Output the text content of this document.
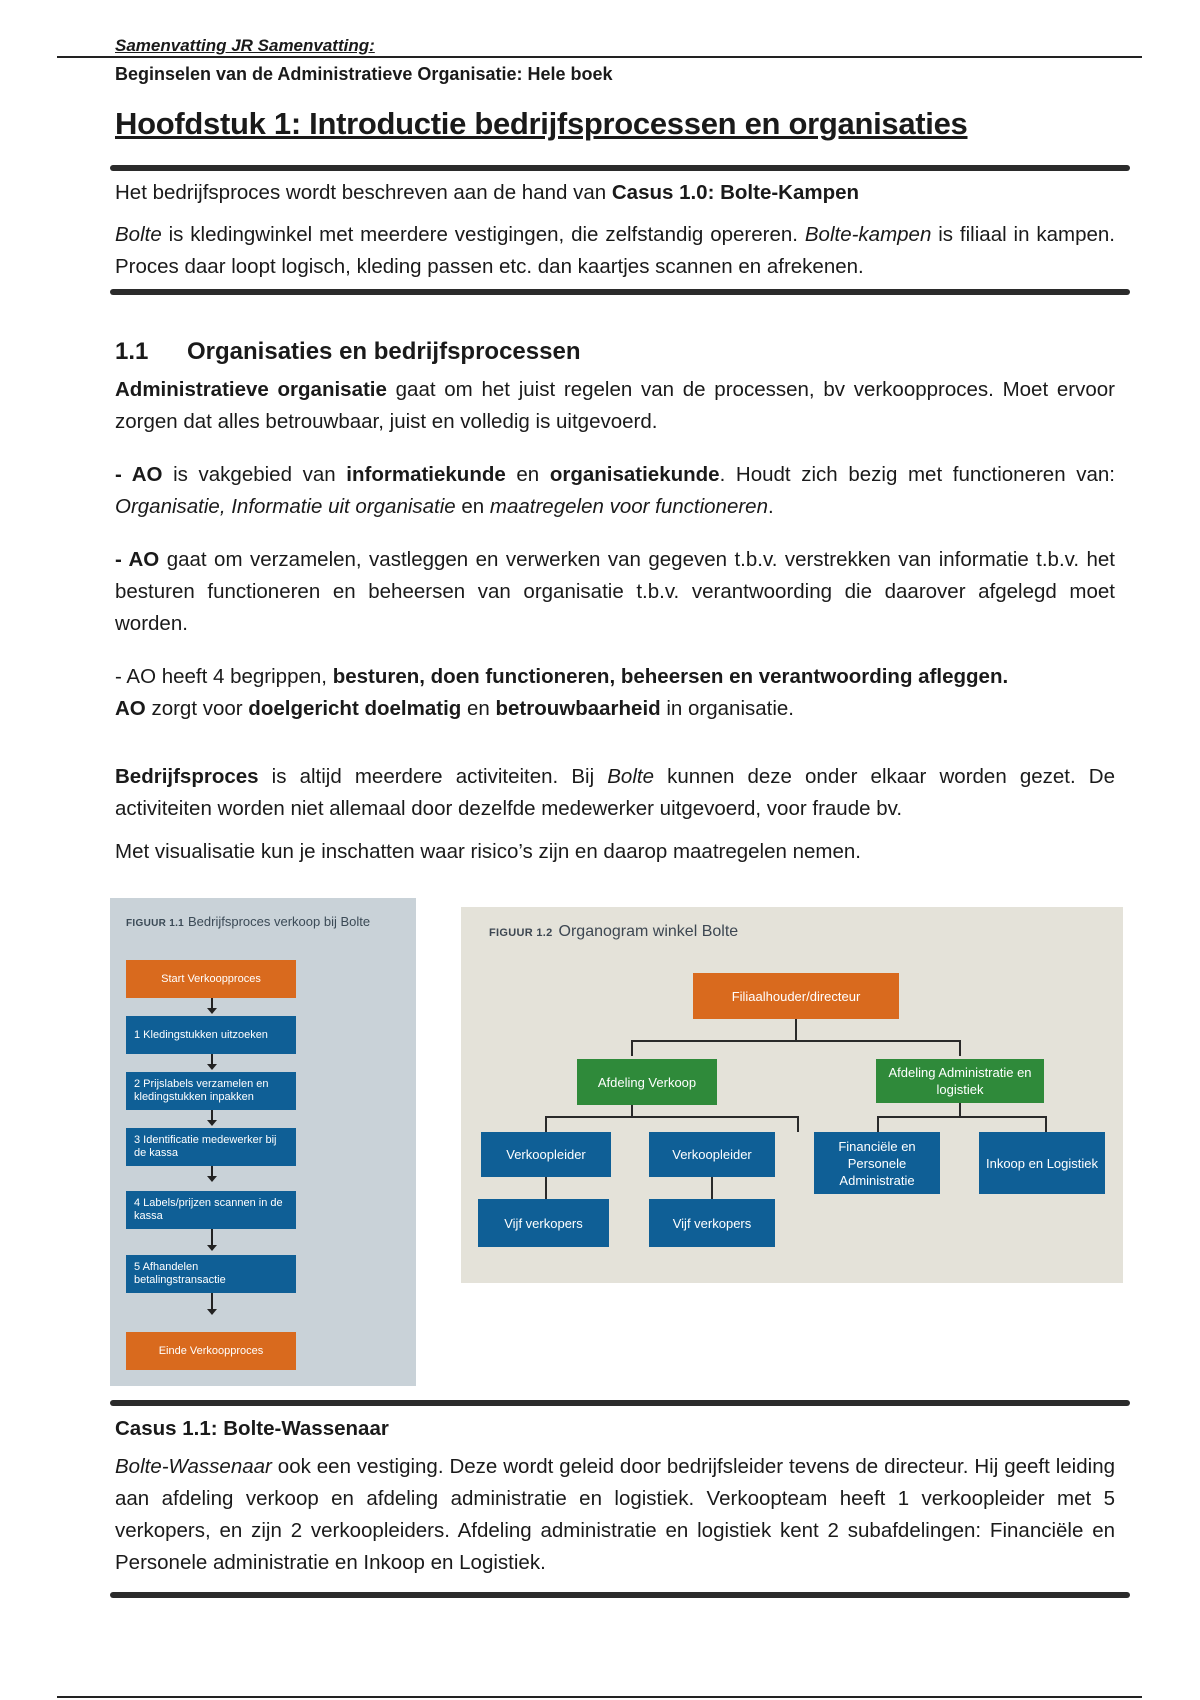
Samenvatting JR Samenvatting:
Beginselen van de Administratieve Organisatie: Hele boek
Hoofdstuk 1: Introductie bedrijfsprocessen en organisaties
Het bedrijfsproces wordt beschreven aan de hand van Casus 1.0: Bolte-Kampen
Bolte is kledingwinkel met meerdere vestigingen, die zelfstandig opereren. Bolte-kampen is filiaal in kampen. Proces daar loopt logisch, kleding passen etc. dan kaartjes scannen en afrekenen.
1.1 Organisaties en bedrijfsprocessen
Administratieve organisatie gaat om het juist regelen van de processen, bv verkoopproces. Moet ervoor zorgen dat alles betrouwbaar, juist en volledig is uitgevoerd.
- AO is vakgebied van informatiekunde en organisatiekunde. Houdt zich bezig met functioneren van: Organisatie, Informatie uit organisatie en maatregelen voor functioneren.
- AO gaat om verzamelen, vastleggen en verwerken van gegeven t.b.v. verstrekken van informatie t.b.v. het besturen functioneren en beheersen van organisatie t.b.v. verantwoording die daarover afgelegd moet worden.
- AO heeft 4 begrippen, besturen, doen functioneren, beheersen en verantwoording afleggen.
AO zorgt voor doelgericht doelmatig en betrouwbaarheid in organisatie.
Bedrijfsproces is altijd meerdere activiteiten. Bij Bolte kunnen deze onder elkaar worden gezet. De activiteiten worden niet allemaal door dezelfde medewerker uitgevoerd, voor fraude bv.
Met visualisatie kun je inschatten waar risico’s zijn en daarop maatregelen nemen.
FIGUUR 1.1 Bedrijfsproces verkoop bij Bolte
Start Verkoopproces
1 Kledingstukken uitzoeken
2 Prijslabels verzamelen en kledingstukken inpakken
3 Identificatie medewerker bij de kassa
4 Labels/prijzen scannen in de kassa
5 Afhandelen betalingstransactie
Einde Verkoopproces
FIGUUR 1.2 Organogram winkel Bolte
Filiaalhouder/directeur
Afdeling Verkoop
Afdeling Administratie en logistiek
Verkoopleider	Verkoopleider
Financiële en Personele Administratie
Inkoop en Logistiek
Vijf verkopers	Vijf verkopers
Casus 1.1: Bolte-Wassenaar
Bolte-Wassenaar ook een vestiging. Deze wordt geleid door bedrijfsleider tevens de directeur. Hij geeft leiding aan afdeling verkoop en afdeling administratie en logistiek. Verkoopteam heeft 1 verkoopleider met 5 verkopers, en zijn 2 verkoopleiders. Afdeling administratie en logistiek kent 2 subafdelingen: Financiële en Personele administratie en Inkoop en Logistiek.
